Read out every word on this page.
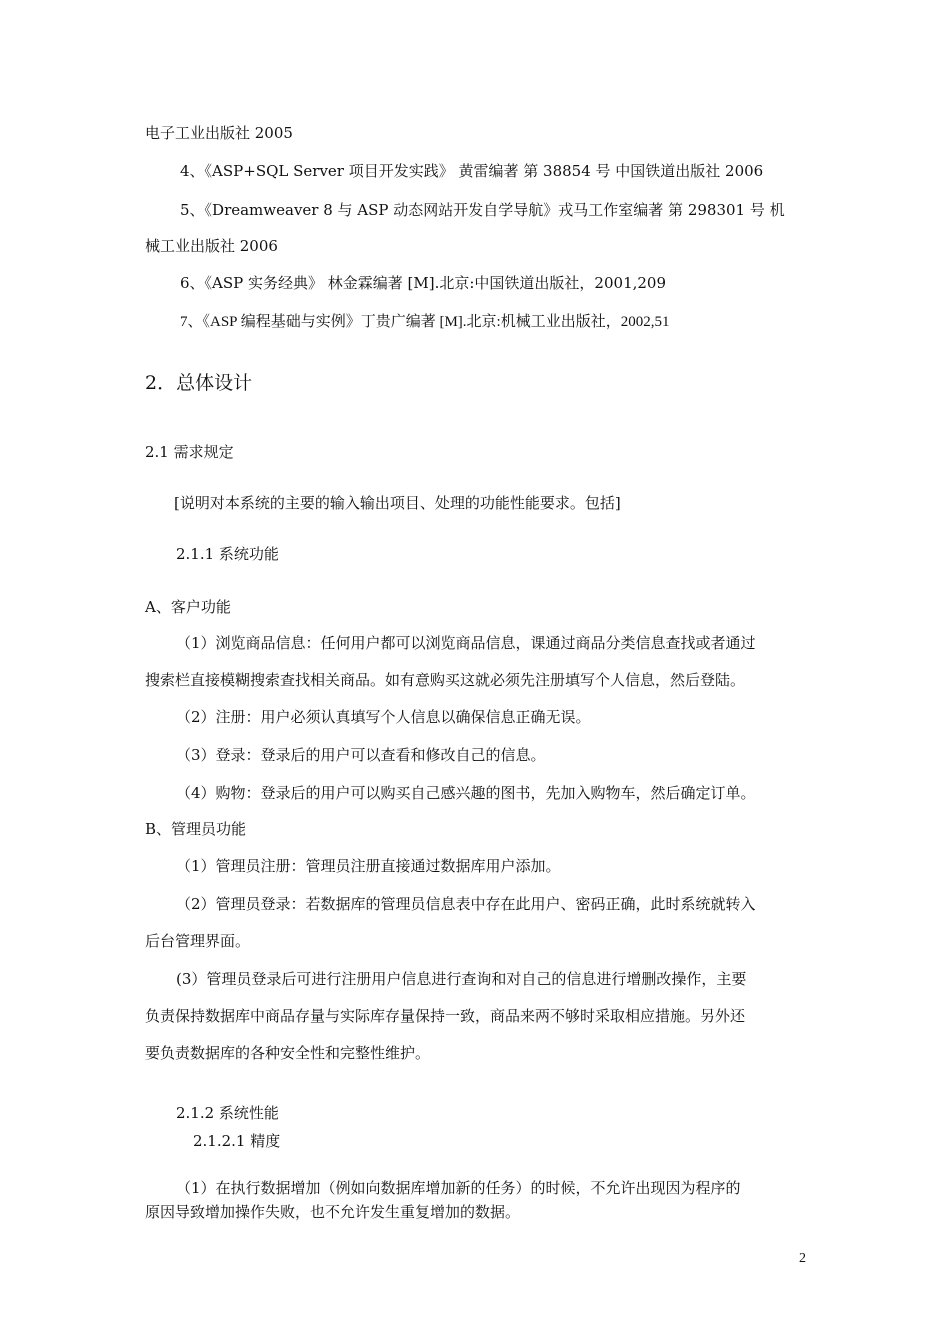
电子工业出版社 2005
4、《ASP+SQL Server 项目开发实践》 黄雷编著 第 38854 号 中国铁道出版社 2006
5、《Dreamweaver 8 与 ASP 动态网站开发自学导航》戎马工作室编著 第 298301 号 机
械工业出版社 2006
6、《ASP 实务经典》 林金霖编著 [M].北京:中国铁道出版社，2001,209
7、《ASP 编程基础与实例》丁贵广编著 [M].北京:机械工业出版社，2002,51
2．总体设计
2.1 需求规定
[说明对本系统的主要的输入输出项目、处理的功能性能要求。包括]
2.1.1 系统功能
A、客户功能
（1）浏览商品信息：任何用户都可以浏览商品信息，课通过商品分类信息查找或者通过
搜索栏直接模糊搜索查找相关商品。如有意购买这就必须先注册填写个人信息，然后登陆。
（2）注册：用户必须认真填写个人信息以确保信息正确无误。
（3）登录：登录后的用户可以查看和修改自己的信息。
（4）购物：登录后的用户可以购买自己感兴趣的图书，先加入购物车，然后确定订单。
B、管理员功能
（1）管理员注册：管理员注册直接通过数据库用户添加。
（2）管理员登录：若数据库的管理员信息表中存在此用户、密码正确，此时系统就转入
后台管理界面。
(3）管理员登录后可进行注册用户信息进行查询和对自己的信息进行增删改操作，主要
负责保持数据库中商品存量与实际库存量保持一致，商品来两不够时采取相应措施。另外还
要负责数据库的各种安全性和完整性维护。
2.1.2 系统性能
2.1.2.1 精度
（1）在执行数据增加（例如向数据库增加新的任务）的时候，不允许出现因为程序的
原因导致增加操作失败，也不允许发生重复增加的数据。
2
